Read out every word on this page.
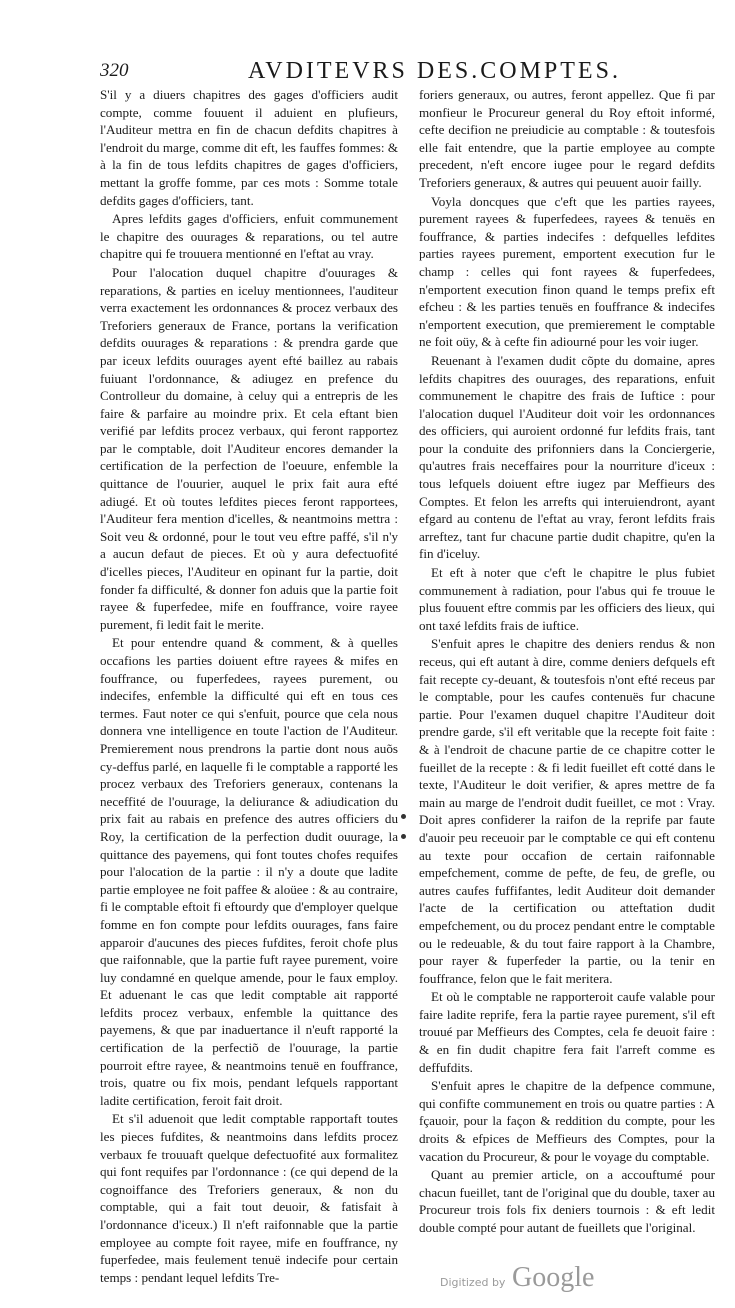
320	AVDITEVRS DES.COMPTES.

S'il y a diuers chapitres des gages d'officiers audit compte, comme fouuent il aduient en plufieurs, l'Auditeur mettra en fin de chacun defdits chapitres à l'endroit du marge, comme dit eft, les fauffes fommes: & à la fin de tous lefdits chapitres de gages d'officiers, mettant la groffe fomme, par ces mots : Somme totale defdits gages d'officiers, tant.

Apres lefdits gages d'officiers, enfuit communement le chapitre des ouurages & reparations, ou tel autre chapitre qui fe trouuera mentionné en l'eftat au vray.

Pour l'alocation duquel chapitre d'ouurages & reparations, & parties en iceluy mentionnees, l'auditeur verra exactement les ordonnances & procez verbaux des Treforiers generaux de France, portans la verification defdits ouurages & reparations : & prendra garde que par iceux lefdits ouurages ayent efté baillez au rabais fuiuant l'ordonnance, & adiugez en prefence du Controlleur du domaine, à celuy qui a entrepris de les faire & parfaire au moindre prix. Et cela eftant bien verifié par lefdits procez verbaux, qui feront rapportez par le comptable, doit l'Auditeur encores demander la certification de la perfection de l'oeuure, enfemble la quittance de l'ouurier, auquel le prix fait aura efté adiugé. Et où toutes lefdites pieces feront rapportees, l'Auditeur fera mention d'icelles, & neantmoins mettra : Soit veu & ordonné, pour le tout veu eftre paffé, s'il n'y a aucun defaut de pieces. Et où y aura defectuofité d'icelles pieces, l'Auditeur en opinant fur la partie, doit fonder fa difficulté, & donner fon aduis que la partie foit rayee & fuperfedee, mife en fouffrance, voire rayee purement, fi ledit fait le merite.

Et pour entendre quand & comment, & à quelles occafions les parties doiuent eftre rayees & mifes en fouffrance, ou fuperfedees, rayees purement, ou indecifes, enfemble la difficulté qui eft en tous ces termes. Faut noter ce qui s'enfuit, pource que cela nous donnera vne intelligence en toute l'action de l'Auditeur. Premierement nous prendrons la partie dont nous auõs cy-deffus parlé, en laquelle fi le comptable a rapporté les procez verbaux des Treforiers generaux, contenans la neceffité de l'ouurage, la deliurance & adiudication du prix fait au rabais en prefence des autres officiers du Roy, la certification de la perfection dudit ouurage, la quittance des payemens, qui font toutes chofes requifes pour l'alocation de la partie : il n'y a doute que ladite partie employee ne foit paffee & aloüee : & au contraire, fi le comptable eftoit fi eftourdy que d'employer quelque fomme en fon compte pour lefdits ouurages, fans faire apparoir d'aucunes des pieces fufdites, feroit chofe plus que raifonnable, que la partie fuft rayee purement, voire luy condamné en quelque amende, pour le faux employ. Et aduenant le cas que ledit comptable ait rapporté lefdits procez verbaux, enfemble la quittance des payemens, & que par inaduertance il n'euft rapporté la certification de la perfectiõ de l'ouurage, la partie pourroit eftre rayee, & neantmoins tenuë en fouffrance, trois, quatre ou fix mois, pendant lefquels rapportant ladite certification, feroit fait droit.

Et s'il aduenoit que ledit comptable rapportaft toutes les pieces fufdites, & neantmoins dans lefdits procez verbaux fe trouuaft quelque defectuofité aux formalitez qui font requifes par l'ordonnance : (ce qui depend de la cognoiffance des Treforiers generaux, & non du comptable, qui a fait tout deuoir, & fatisfait à l'ordonnance d'iceux.) Il n'eft raifonnable que la partie employee au compte foit rayee, mife en fouffrance, ny fuperfedee, mais feulement tenuë indecife pour certain temps : pendant lequel lefdits Tre-

foriers generaux, ou autres, feront appellez. Que fi par monfieur le Procureur general du Roy eftoit informé, cefte decifion ne preiudicie au comptable : & toutesfois elle fait entendre, que la partie employee au compte precedent, n'eft encore iugee pour le regard defdits Treforiers generaux, & autres qui peuuent auoir failly.

Voyla doncques que c'eft que les parties rayees, purement rayees & fuperfedees, rayees & tenuës en fouffrance, & parties indecifes : defquelles lefdites parties rayees purement, emportent execution fur le champ : celles qui font rayees & fuperfedees, n'emportent execution finon quand le temps prefix eft efcheu : & les parties tenuës en fouffrance & indecifes n'emportent execution, que premierement le comptable ne foit oüy, & à cefte fin adiourné pour les voir iuger.

Reuenant à l'examen dudit cõpte du domaine, apres lefdits chapitres des ouurages, des reparations, enfuit communement le chapitre des frais de Iuftice : pour l'alocation duquel l'Auditeur doit voir les ordonnances des officiers, qui auroient ordonné fur lefdits frais, tant pour la conduite des prifonniers dans la Conciergerie, qu'autres frais neceffaires pour la nourriture d'iceux : tous lefquels doiuent eftre iugez par Meffieurs des Comptes. Et felon les arrefts qui interuiendront, ayant efgard au contenu de l'eftat au vray, feront lefdits frais arreftez, tant fur chacune partie dudit chapitre, qu'en la fin d'iceluy.

Et eft à noter que c'eft le chapitre le plus fubiet communement à radiation, pour l'abus qui fe trouue le plus fouuent eftre commis par les officiers des lieux, qui ont taxé lefdits frais de iuftice.

S'enfuit apres le chapitre des deniers rendus & non receus, qui eft autant à dire, comme deniers defquels eft fait recepte cy-deuant, & toutesfois n'ont efté receus par le comptable, pour les caufes contenuës fur chacune partie. Pour l'examen duquel chapitre l'Auditeur doit prendre garde, s'il eft veritable que la recepte foit faite : & à l'endroit de chacune partie de ce chapitre cotter le fueillet de la recepte : & fi ledit fueillet eft cotté dans le texte, l'Auditeur le doit verifier, & apres mettre de fa main au marge de l'endroit dudit fueillet, ce mot : Vray. Doit apres confiderer la raifon de la reprife par faute d'auoir peu receuoir par le comptable ce qui eft contenu au texte pour occafion de certain raifonnable empefchement, comme de pefte, de feu, de grefle, ou autres caufes fuffifantes, ledit Auditeur doit demander l'acte de la certification ou atteftation dudit empefchement, ou du procez pendant entre le comptable ou le redeuable, & du tout faire rapport à la Chambre, pour rayer & fuperfeder la partie, ou la tenir en fouffrance, felon que le fait meritera.

Et où le comptable ne rapporteroit caufe valable pour faire ladite reprife, fera la partie rayee purement, s'il eft trouué par Meffieurs des Comptes, cela fe deuoit faire : & en fin dudit chapitre fera fait l'arreft comme es deffufdits.

S'enfuit apres le chapitre de la defpence commune, qui confifte communement en trois ou quatre parties : A fçauoir, pour la façon & reddition du compte, pour les droits & efpices de Meffieurs des Comptes, pour la vacation du Procureur, & pour le voyage du comptable.

Quant au premier article, on a accouftumé pour chacun fueillet, tant de l'original que du double, taxer au Procureur trois fols fix deniers tournois : & eft ledit double compté pour autant de fueillets que l'original.

Digitized by Google
